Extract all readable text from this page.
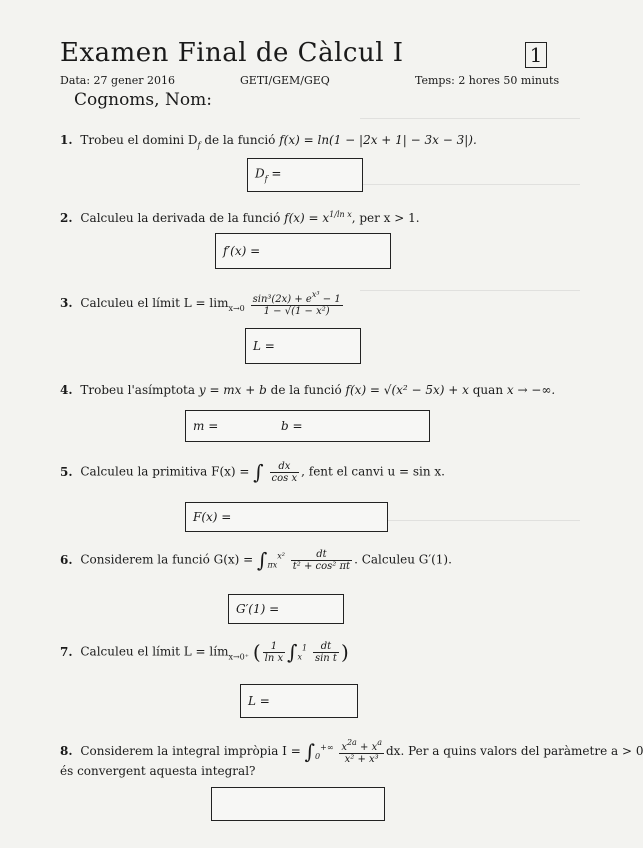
Examen Final de Càlcul I	1
Data: 27 gener 2016	GETI/GEM/GEQ	Temps: 2 hores 50 minuts
Cognoms, Nom:
1. Trobeu el domini $D_f$ de la funció f(x) = ln(1 − |2x + 1| − 3x − 3|).
$D_f$ =
2. Calculeu la derivada de la funció $f(x) = x^{1/ln x}$, per x > 1.
f′(x) =
3. Calculeu el límit $L = \lim_{x\to 0} \frac{\sin^3(2x) + e^{x^3} - 1}{\text{1 − √(1 − x²)}}$
L =
4. Trobeu l'asímptota y = mx + b de la funció f(x) = √(x² − 5x) + x quan x → −∞.
m =	b =
5. Calculeu la primitiva F(x) = ∫ $\frac{dx}{\text{cos x}}$ , fent el canvi u = sin x.
F(x) =
6. Considerem la funció $G(x) = \int_{\pi x}^{x^2} \frac{dt}{\text{t² + cos² πt}}$ . Calculeu G′(1).
G′(1) =
7. Calculeu el límit L = lím$_{x\to 0^+}$ ( $\frac{1}{\text{ln x}} \int_x^1 \frac{dt}{\text{sin t}}$ )
L =
8. Considerem la integral impròpia $I = \int_0^{+\infty} \frac{x^{2a} + x^a}{\text{x² + x³}}$ dx. Per a quins valors del paràmetre a > 0
és convergent aquesta integral?
